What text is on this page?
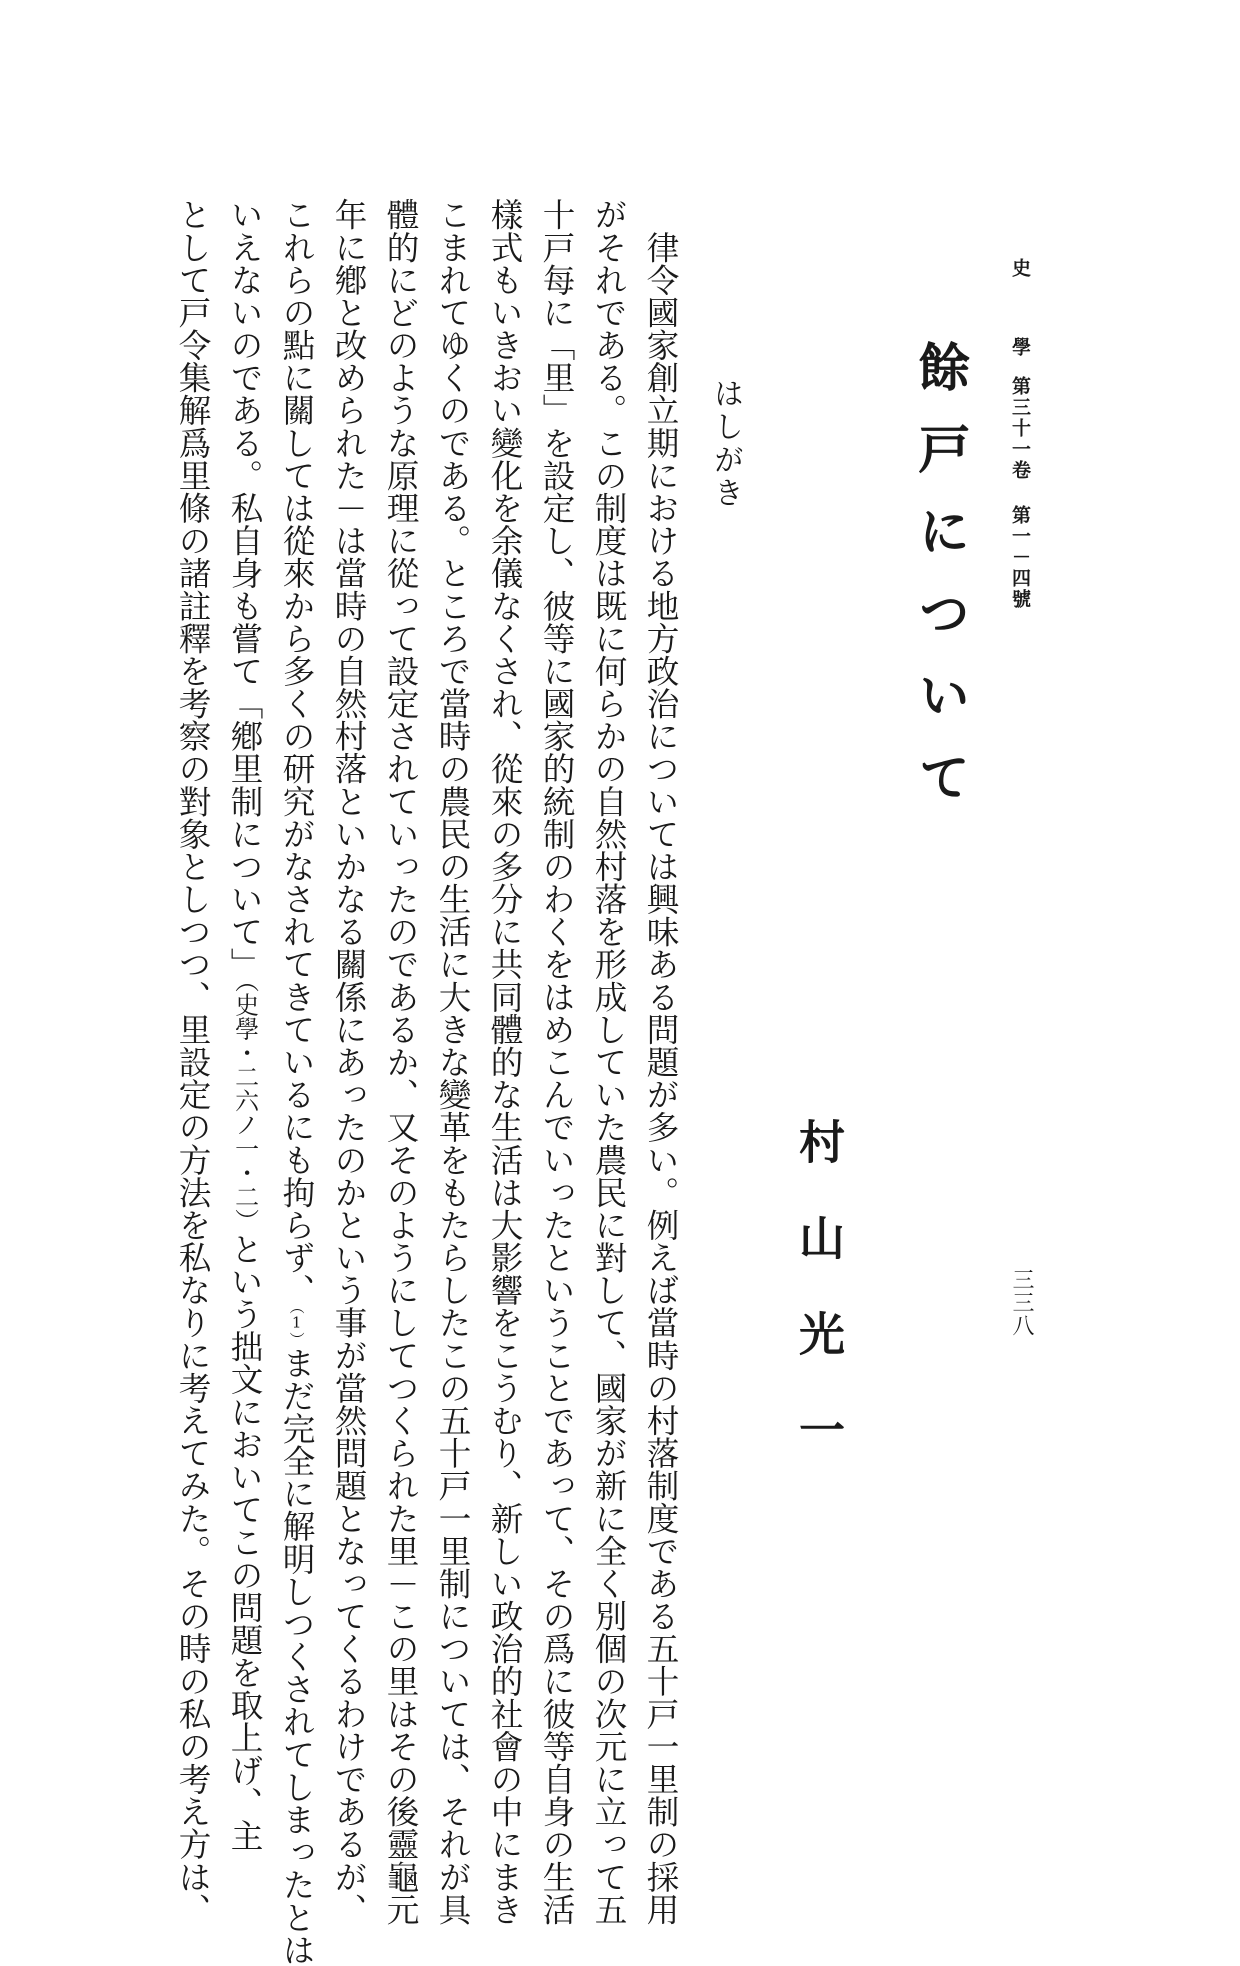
史學第三十一卷 第一－四號
三三八
餘戸について
村山光一
はしがき
　律令國家創立期における地方政治については興味ある問題が多い。例えば當時の村落制度である五十戸一里制の採用
がそれである。この制度は既に何らかの自然村落を形成していた農民に對して、國家が新に全く別個の次元に立って五
十戸每に「里」を設定し、彼等に國家的統制のわくをはめこんでいったということであって、その爲に彼等自身の生活
樣式もいきおい變化を余儀なくされ、從來の多分に共同體的な生活は大影響をこうむり、新しい政治的社會の中にまき
こまれてゆくのである。ところで當時の農民の生活に大きな變革をもたらしたこの五十戸一里制については、それが具
體的にどのような原理に從って設定されていったのであるか、又そのようにしてつくられた里－この里はその後靈龜元
年に鄕と改められた－は當時の自然村落といかなる關係にあったのかという事が當然問題となってくるわけであるが、
これらの點に關しては從來から多くの研究がなされてきているにも拘らず、（1）まだ完全に解明しつくされてしまったとは
いえないのである。私自身も嘗て「鄕里制について」（史學・二六ノ一・二）という拙文においてこの問題を取上げ、主
として戸令集解爲里條の諸註釋を考察の對象としつつ、里設定の方法を私なりに考えてみた。その時の私の考え方は、
